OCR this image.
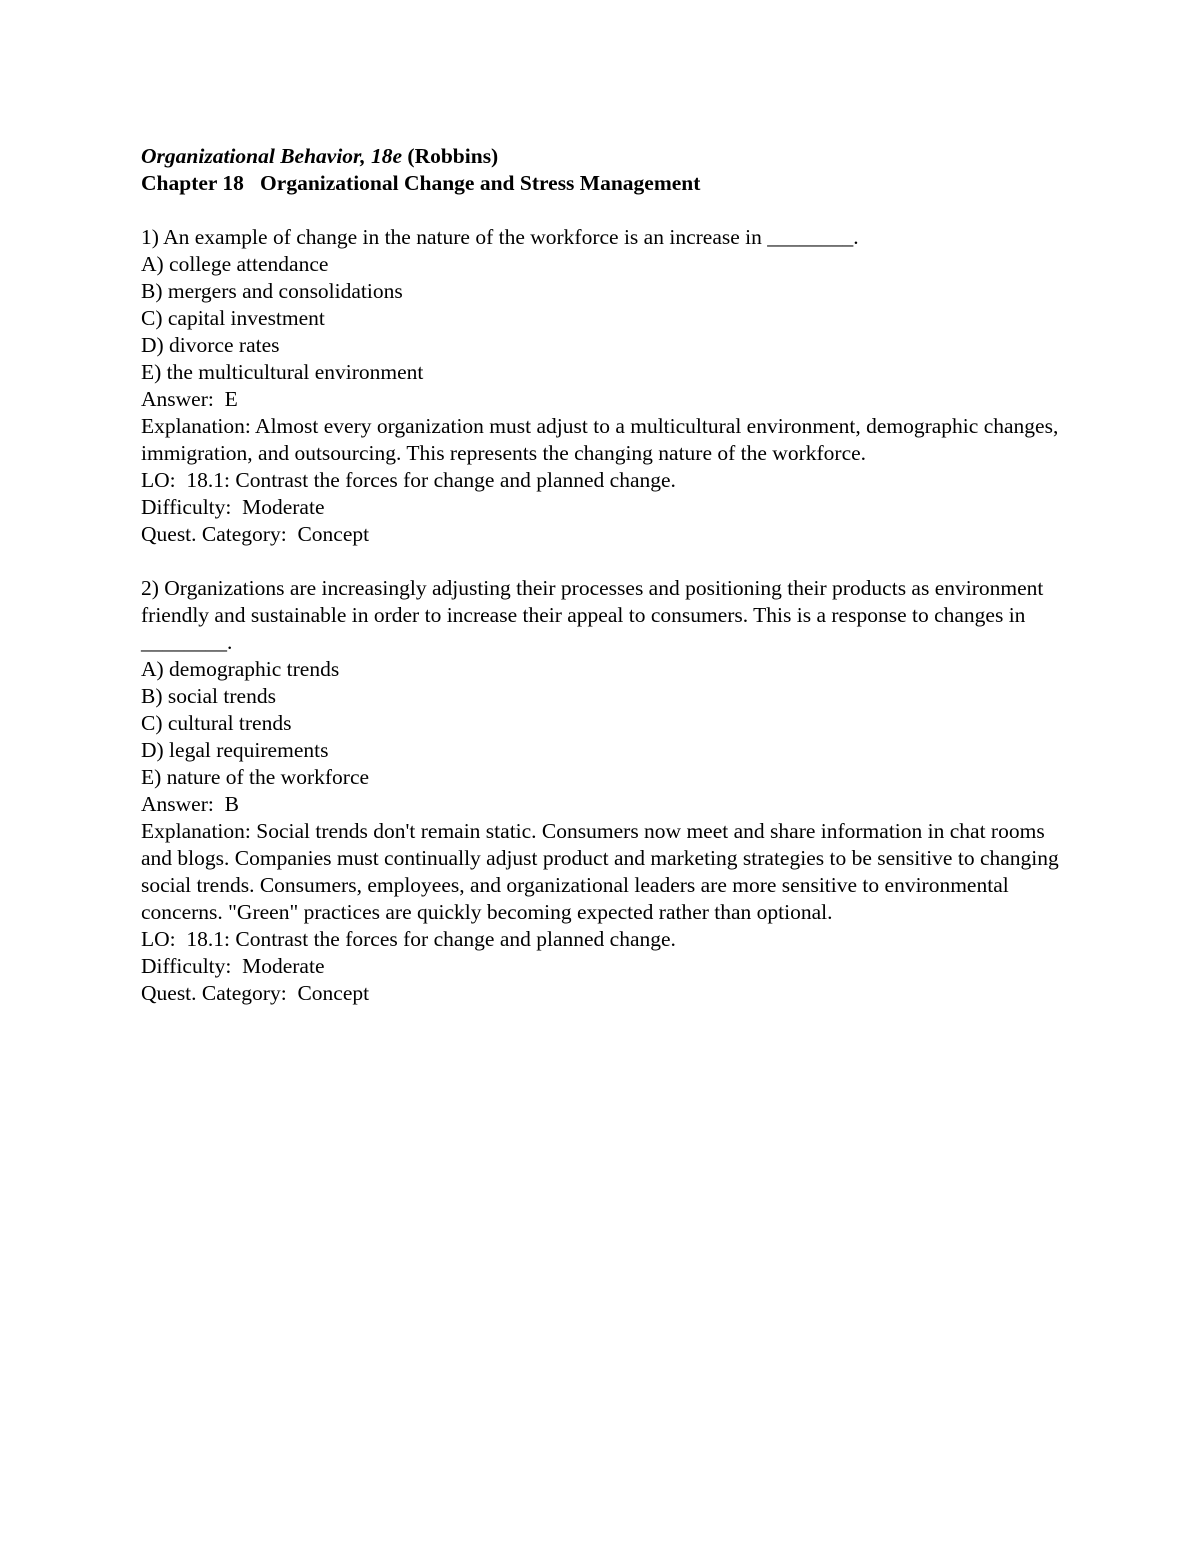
Organizational Behavior, 18e (Robbins)
Chapter 18   Organizational Change and Stress Management

1) An example of change in the nature of the workforce is an increase in ________.

A) college attendance
B) mergers and consolidations
C) capital investment
D) divorce rates
E) the multicultural environment
Answer:  E

Explanation: Almost every organization must adjust to a multicultural environment, demographic changes, immigration, and outsourcing. This represents the changing nature of the workforce.

LO:  18.1: Contrast the forces for change and planned change.
Difficulty:  Moderate
Quest. Category:  Concept

2) Organizations are increasingly adjusting their processes and positioning their products as environment friendly and sustainable in order to increase their appeal to consumers. This is a response to changes in ________.

A) demographic trends
B) social trends
C) cultural trends
D) legal requirements
E) nature of the workforce
Answer:  B

Explanation: Social trends don't remain static. Consumers now meet and share information in chat rooms and blogs. Companies must continually adjust product and marketing strategies to be sensitive to changing social trends. Consumers, employees, and organizational leaders are more sensitive to environmental concerns. "Green" practices are quickly becoming expected rather than optional.

LO:  18.1: Contrast the forces for change and planned change.
Difficulty:  Moderate
Quest. Category:  Concept
